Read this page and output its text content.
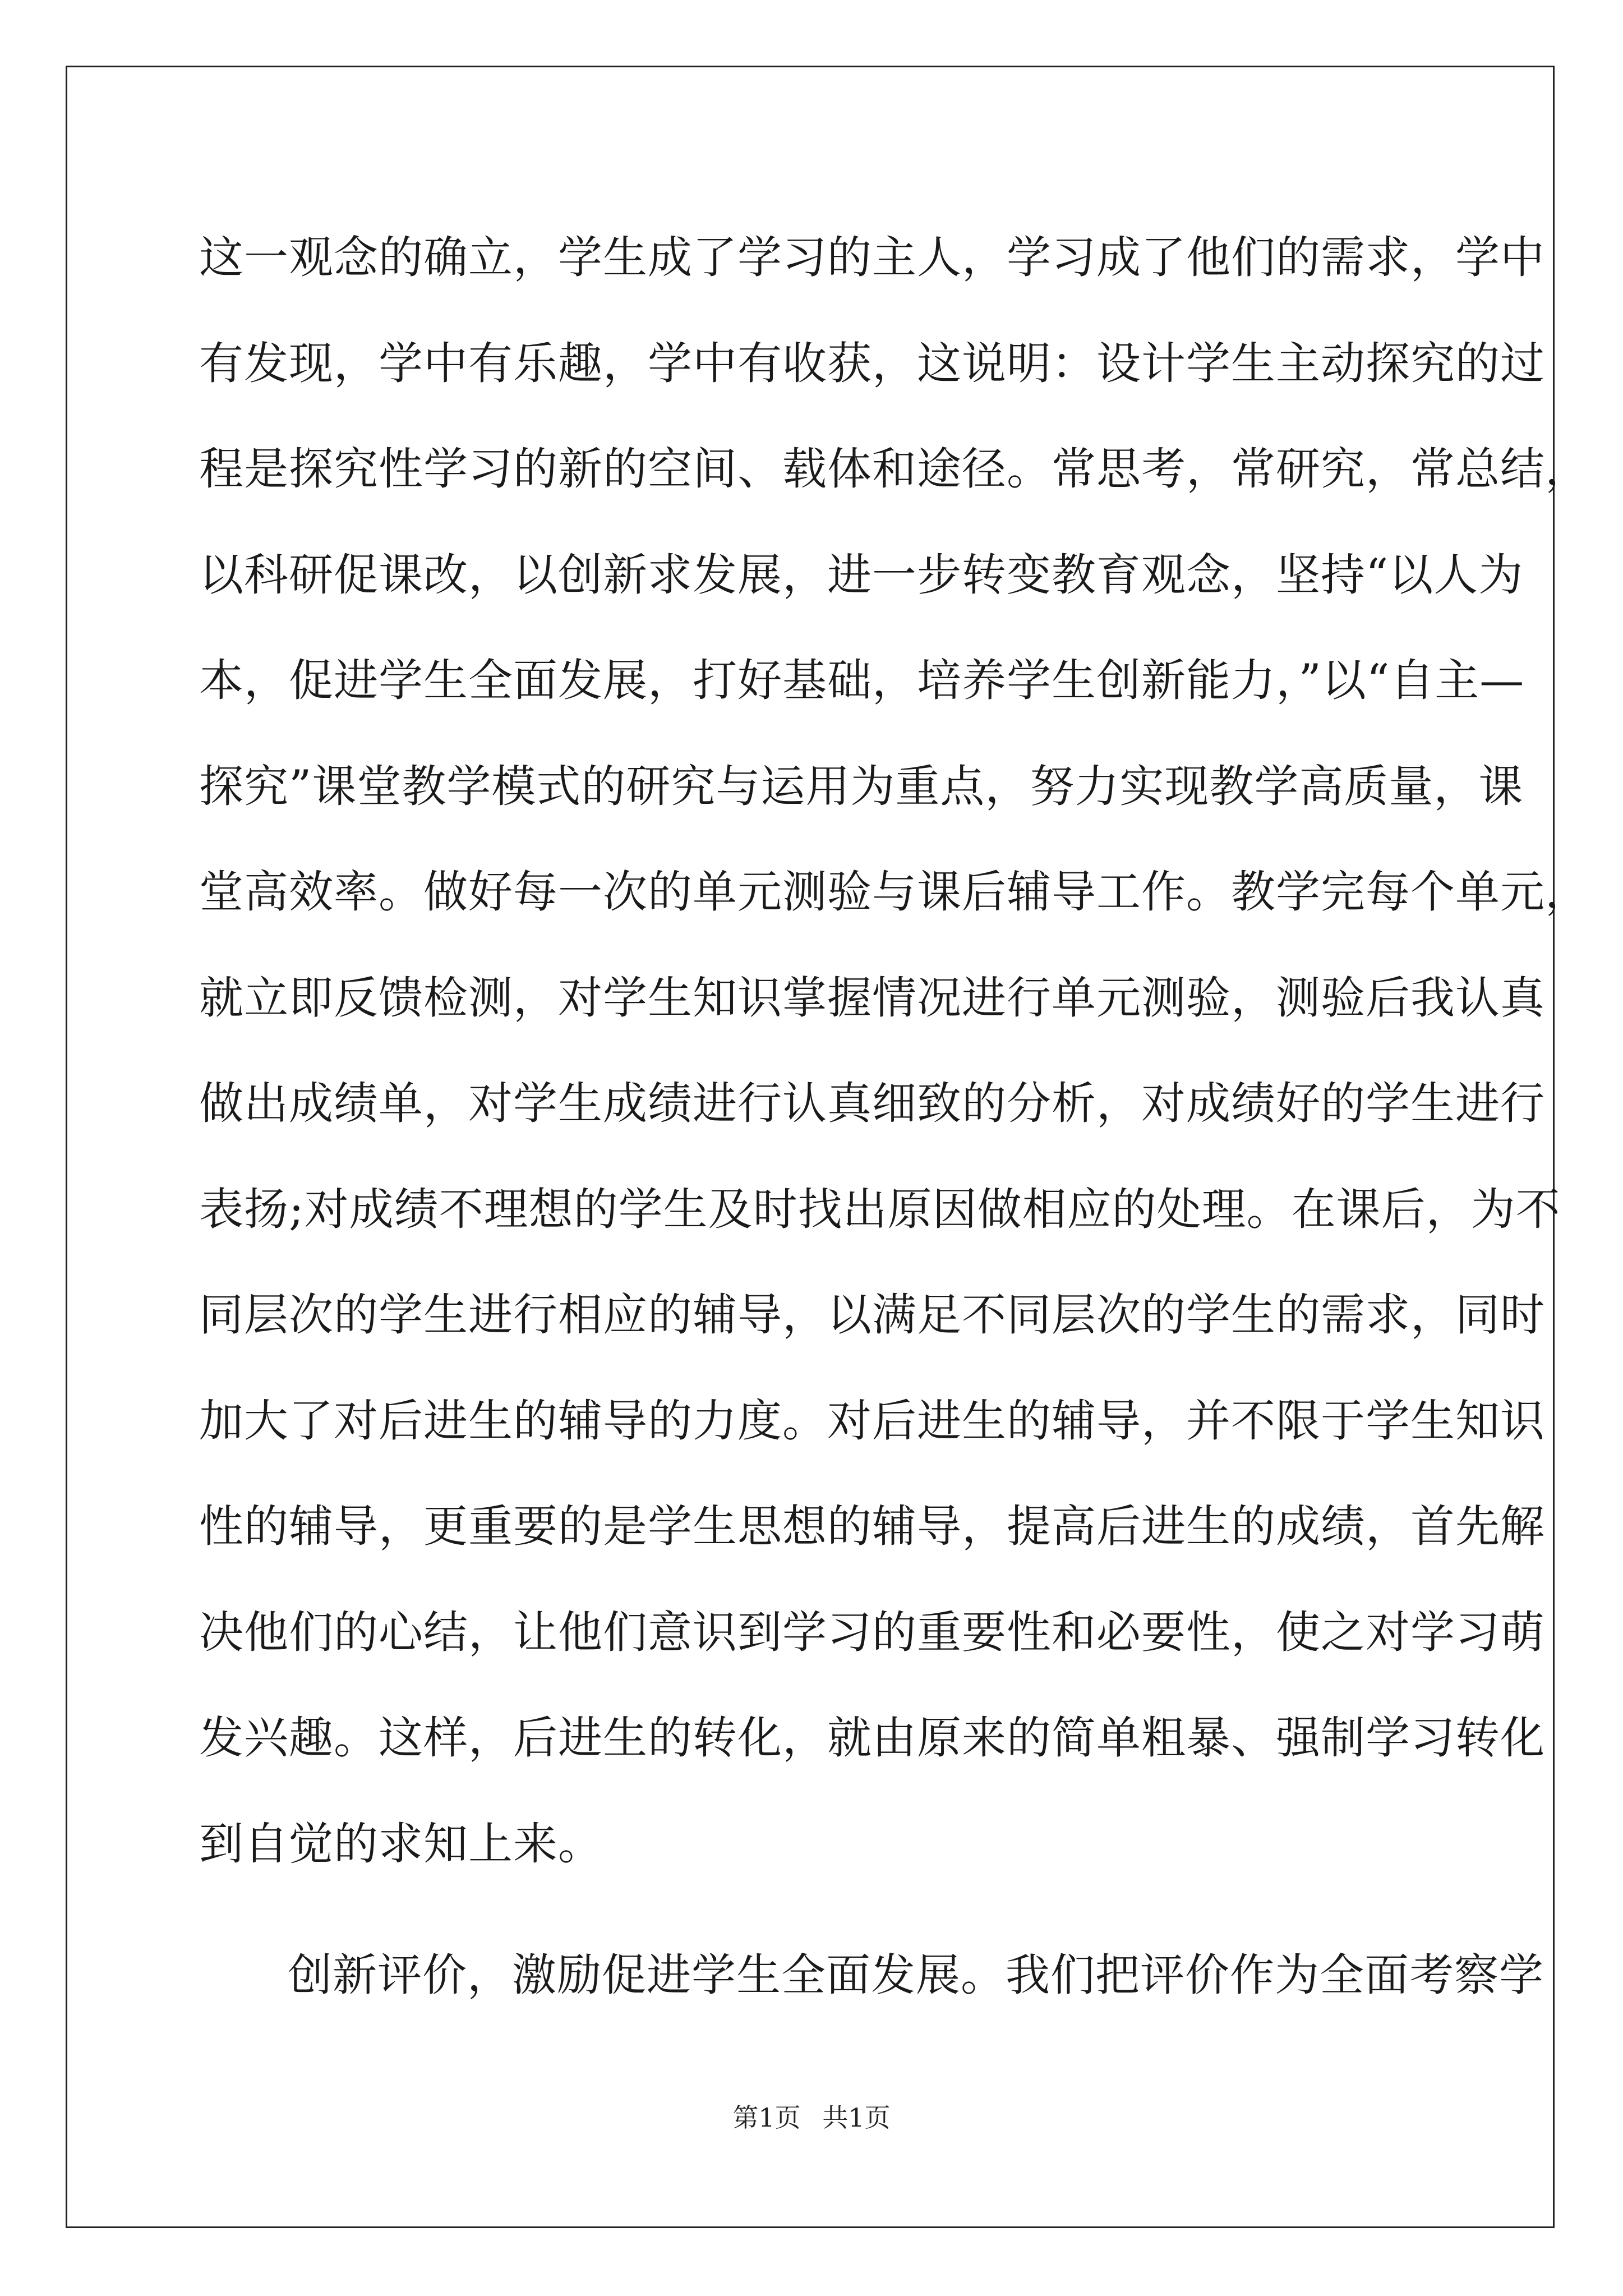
这一观念的确立，学生成了学习的主人，学习成了他们的需求，学中
有发现，学中有乐趣，学中有收获，这说明：设计学生主动探究的过
程是探究性学习的新的空间、载体和途径。常思考，常研究，常总结，
以科研促课改，以创新求发展，进一步转变教育观念，坚持“以人为
本，促进学生全面发展，打好基础，培养学生创新能力，”以“自主—
探究”课堂教学模式的研究与运用为重点，努力实现教学高质量，课
堂高效率。做好每一次的单元测验与课后辅导工作。教学完每个单元，
就立即反馈检测，对学生知识掌握情况进行单元测验，测验后我认真
做出成绩单，对学生成绩进行认真细致的分析，对成绩好的学生进行
表扬;对成绩不理想的学生及时找出原因做相应的处理。在课后，为不
同层次的学生进行相应的辅导，以满足不同层次的学生的需求，同时
加大了对后进生的辅导的力度。对后进生的辅导，并不限于学生知识
性的辅导，更重要的是学生思想的辅导，提高后进生的成绩，首先解
决他们的心结，让他们意识到学习的重要性和必要性，使之对学习萌
发兴趣。这样，后进生的转化，就由原来的简单粗暴、强制学习转化
到自觉的求知上来。
创新评价，激励促进学生全面发展。我们把评价作为全面考察学
第1页 共1页
